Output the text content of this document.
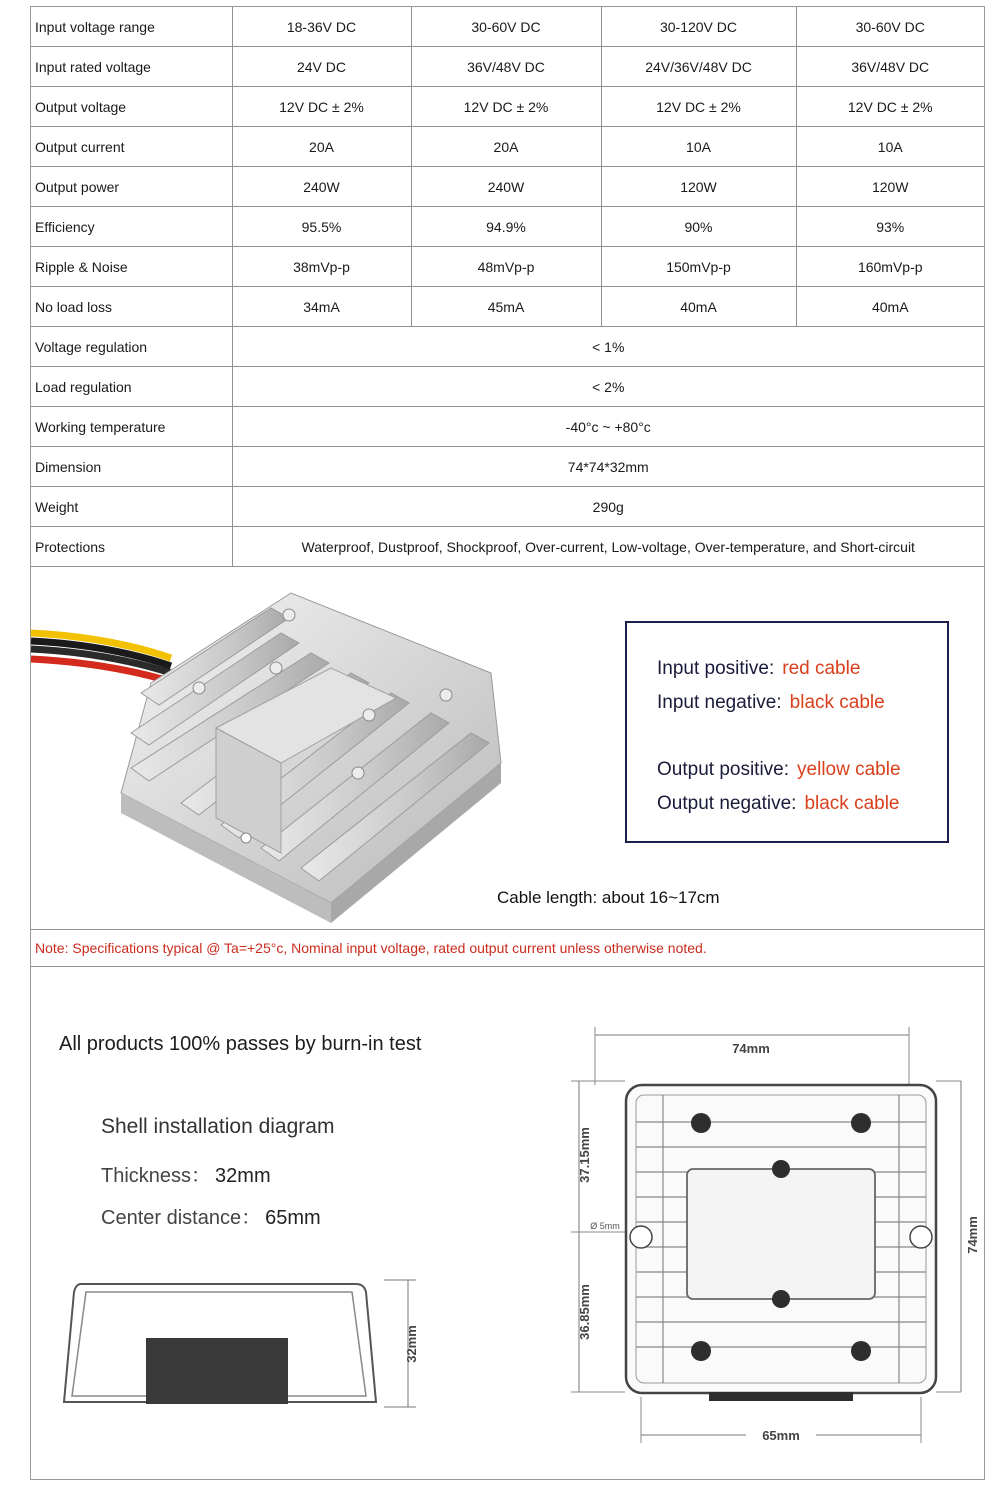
Input voltage range	18-36V DC	30-60V DC	30-120V DC	30-60V DC
Input rated voltage	24V DC	36V/48V DC	24V/36V/48V DC	36V/48V DC
Output voltage	12V DC ± 2%	12V DC ± 2%	12V DC ± 2%	12V DC ± 2%
Output current	20A	20A	10A	10A
Output power	240W	240W	120W	120W
Efficiency	95.5%	94.9%	90%	93%
Ripple & Noise	38mVp-p	48mVp-p	150mVp-p	160mVp-p
No load loss	34mA	45mA	40mA	40mA
Voltage regulation	< 1%			
Load regulation	< 2%			
Working temperature	-40°c ~ +80°c			
Dimension	74*74*32mm			
Weight	290g			
Protections	Waterproof, Dustproof, Shockproof, Over-current, Low-voltage, Over-temperature, and Short-circuit			
Input positive: red cable
Input negative: black cable
Output positive: yellow cable
Output negative: black cable
Cable length: about 16~17cm
Note: Specifications typical @ Ta=+25°c, Nominal input voltage, rated output current unless otherwise noted.
All products 100% passes by burn-in test
Shell installation diagram
Thickness： 32mm
Center distance： 65mm
32mm
74mm
37.15mm
36.85mm
Ø 5mm	74mm
65mm
